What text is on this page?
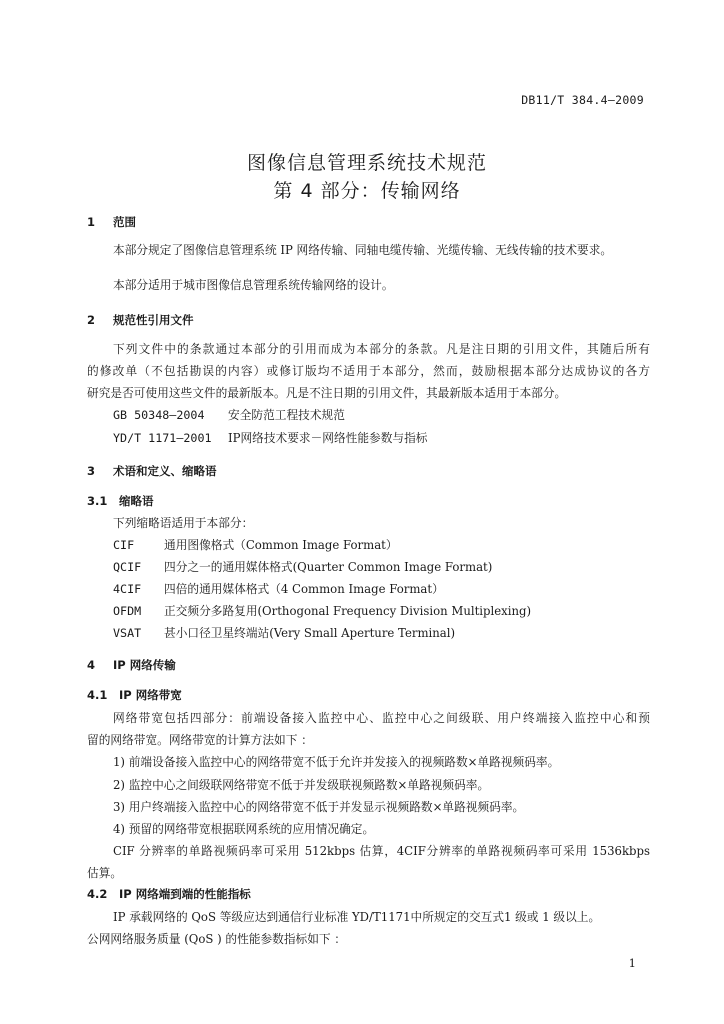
DB11/T 384.4—2009
图像信息管理系统技术规范
第 4 部分：传输网络
1 范围
本部分规定了图像信息管理系统 IP 网络传输、同轴电缆传输、光缆传输、无线传输的技术要求。
本部分适用于城市图像信息管理系统传输网络的设计。
2 规范性引用文件
下列文件中的条款通过本部分的引用而成为本部分的条款。凡是注日期的引用文件，其随后所有
的修改单（不包括勘误的内容）或修订版均不适用于本部分，然而，鼓励根据本部分达成协议的各方
研究是否可使用这些文件的最新版本。凡是不注日期的引用文件，其最新版本适用于本部分。
GB 50348—2004 安全防范工程技术规范
YD/T 1171—2001 IP网络技术要求－网络性能参数与指标
3 术语和定义、缩略语
3.1 缩略语
下列缩略语适用于本部分：
CIF	通用图像格式（Common Image Format）
QCIF 四分之一的通用媒体格式(Quarter Common Image Format)
4CIF 四倍的通用媒体格式（4 Common Image Format）
OFDM 正交频分多路复用(Orthogonal Frequency Division Multiplexing)
VSAT 甚小口径卫星终端站(Very Small Aperture Terminal)
4 IP 网络传输
4.1 IP 网络带宽
网络带宽包括四部分：前端设备接入监控中心、监控中心之间级联、用户终端接入监控中心和预
留的网络带宽。网络带宽的计算方法如下 ：
1) 前端设备接入监控中心的网络带宽不低于允许并发接入的视频路数×单路视频码率。
2) 监控中心之间级联网络带宽不低于并发级联视频路数×单路视频码率。
3) 用户终端接入监控中心的网络带宽不低于并发显示视频路数×单路视频码率。
4) 预留的网络带宽根据联网系统的应用情况确定。
CIF 分辨率的单路视频码率可采用 512kbps 估算，4CIF分辨率的单路视频码率可采用 1536kbps
估算。
4.2 IP 网络端到端的性能指标
IP 承载网络的 QoS 等级应达到通信行业标准 YD/T1171中所规定的交互式1 级或 1 级以上。
公网网络服务质量 (QoS ) 的性能参数指标如下 ：
1
